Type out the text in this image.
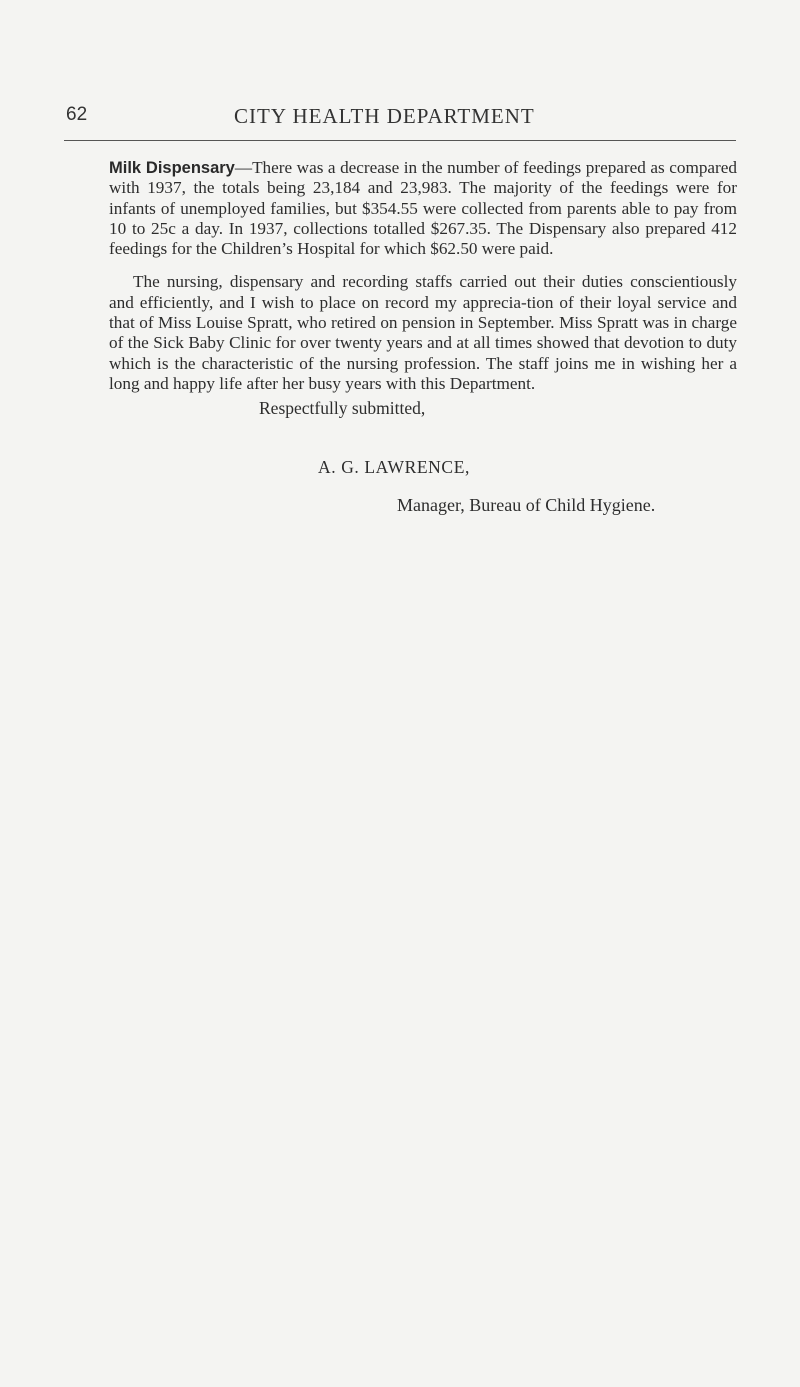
62	CITY HEALTH DEPARTMENT

Milk Dispensary—There was a decrease in the number of feedings prepared as compared with 1937, the totals being 23,184 and 23,983. The majority of the feedings were for infants of unemployed families, but $354.55 were collected from parents able to pay from 10 to 25c a day. In 1937, collections totalled $267.35. The Dispensary also prepared 412 feedings for the Children’s Hospital for which $62.50 were paid.

The nursing, dispensary and recording staffs carried out their duties conscientiously and efficiently, and I wish to place on record my apprecia-tion of their loyal service and that of Miss Louise Spratt, who retired on pension in September. Miss Spratt was in charge of the Sick Baby Clinic for over twenty years and at all times showed that devotion to duty which is the characteristic of the nursing profession. The staff joins me in wishing her a long and happy life after her busy years with this Department.

Respectfully submitted,
A. G. LAWRENCE,
Manager, Bureau of Child Hygiene.
